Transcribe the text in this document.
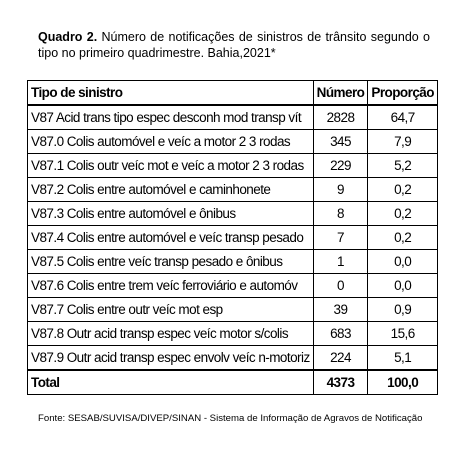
Quadro 2. Número de notificações de sinistros de trânsito segundo o tipo no primeiro quadrimestre. Bahia,2021*
Tipo de sinistro	Número	Proporção
V87 Acid trans tipo espec desconh mod transp vít	2828	64,7
V87.0 Colis automóvel e veíc a motor 2 3 rodas	345	7,9
V87.1 Colis outr veíc mot e veíc a motor 2 3 rodas	229	5,2
V87.2 Colis entre automóvel e caminhonete	9	0,2
V87.3 Colis entre automóvel e ônibus	8	0,2
V87.4 Colis entre automóvel e veíc transp pesado	7	0,2
V87.5 Colis entre veíc transp pesado e ônibus	1	0,0
V87.6 Colis entre trem veíc ferroviário e automóv	0	0,0
V87.7 Colis entre outr veíc mot esp	39	0,9
V87.8 Outr acid transp espec veíc motor s/colis	683	15,6
V87.9 Outr acid transp espec envolv veíc n-motoriz	224	5,1
Total	4373	100,0
Fonte: SESAB/SUVISA/DIVEP/SINAN - Sistema de Informação de Agravos de Notificação
